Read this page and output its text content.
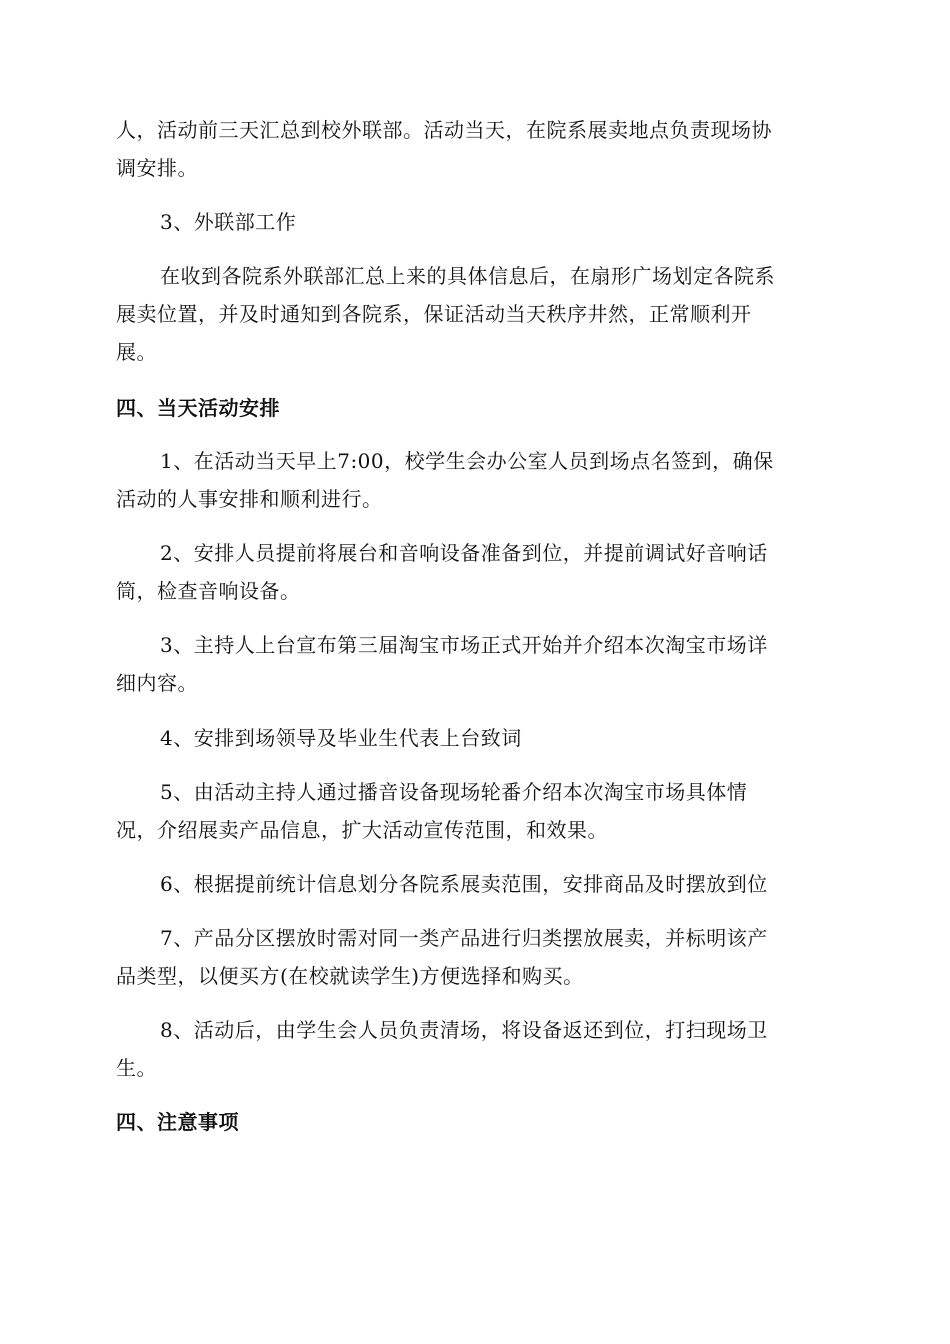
人，活动前三天汇总到校外联部。活动当天，在院系展卖地点负责现场协
调安排。

3、外联部工作

在收到各院系外联部汇总上来的具体信息后，在扇形广场划定各院系
展卖位置，并及时通知到各院系，保证活动当天秩序井然，正常顺利开
展。

四、当天活动安排

1、在活动当天早上7:00，校学生会办公室人员到场点名签到，确保
活动的人事安排和顺利进行。

2、安排人员提前将展台和音响设备准备到位，并提前调试好音响话
筒，检查音响设备。

3、主持人上台宣布第三届淘宝市场正式开始并介绍本次淘宝市场详
细内容。

4、安排到场领导及毕业生代表上台致词

5、由活动主持人通过播音设备现场轮番介绍本次淘宝市场具体情
况，介绍展卖产品信息，扩大活动宣传范围，和效果。

6、根据提前统计信息划分各院系展卖范围，安排商品及时摆放到位

7、产品分区摆放时需对同一类产品进行归类摆放展卖，并标明该产
品类型，以便买方(在校就读学生)方便选择和购买。

8、活动后，由学生会人员负责清场，将设备返还到位，打扫现场卫
生。

四、注意事项
